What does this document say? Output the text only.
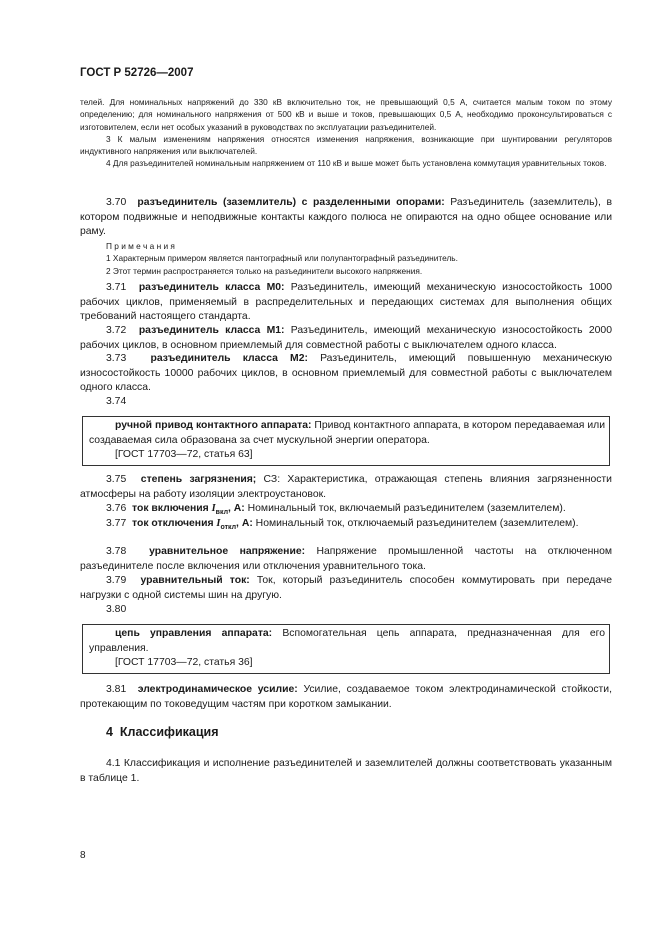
ГОСТ Р 52726—2007

телей. Для номинальных напряжений до 330 кВ включительно ток, не превышающий 0,5 А, считается малым током по этому определению; для номинального напряжения от 500 кВ и выше и токов, превышающих 0,5 А, необходимо проконсультироваться с изготовителем, если нет особых указаний в руководствах по эксплуатации разъединителей.

3 К малым изменениям напряжения относятся изменения напряжения, возникающие при шунтировании регуляторов индуктивного напряжения или выключателей.

4 Для разъединителей номинальным напряжением от 110 кВ и выше может быть установлена коммутация уравнительных токов.

3.70 разъединитель (заземлитель) с разделенными опорами: Разъединитель (заземлитель), в котором подвижные и неподвижные контакты каждого полюса не опираются на одно общее основание или раму.

П р и м е ч а н и я

1 Характерным примером является пантографный или полупантографный разъединитель.

2 Этот термин распространяется только на разъединители высокого напряжения.

3.71 разъединитель класса М0: Разъединитель, имеющий механическую износостойкость 1000 рабочих циклов, применяемый в распределительных и передающих системах для выполнения общих требований настоящего стандарта.

3.72 разъединитель класса М1: Разъединитель, имеющий механическую износостойкость 2000 рабочих циклов, в основном приемлемый для совместной работы с выключателем одного класса.

3.73 разъединитель класса М2: Разъединитель, имеющий повышенную механическую износостойкость 10000 рабочих циклов, в основном приемлемый для совместной работы с выключателем одного класса.

3.74

ручной привод контактного аппарата: Привод контактного аппарата, в котором передаваемая или создаваемая сила образована за счет мускульной энергии оператора.

[ГОСТ 17703—72, статья 63]

3.75 степень загрязнения; СЗ: Характеристика, отражающая степень влияния загрязненности атмосферы на работу изоляции электроустановок.

3.76 ток включения $I_{вкл}$, А: Номинальный ток, включаемый разъединителем (заземлителем).

3.77 ток отключения $I_{откл}$, А: Номинальный ток, отключаемый разъединителем (заземлителем).

3.78 уравнительное напряжение: Напряжение промышленной частоты на отключенном разъединителе после включения или отключения уравнительного тока.

3.79 уравнительный ток: Ток, который разъединитель способен коммутировать при передаче нагрузки с одной системы шин на другую.

3.80

цепь управления аппарата: Вспомогательная цепь аппарата, предназначенная для его управления.

[ГОСТ 17703—72, статья 36]

3.81 электродинамическое усилие: Усилие, создаваемое током электродинамической стойкости, протекающим по токоведущим частям при коротком замыкании.

4 Классификация

4.1 Классификация и исполнение разъединителей и заземлителей должны соответствовать указанным в таблице 1.

8
